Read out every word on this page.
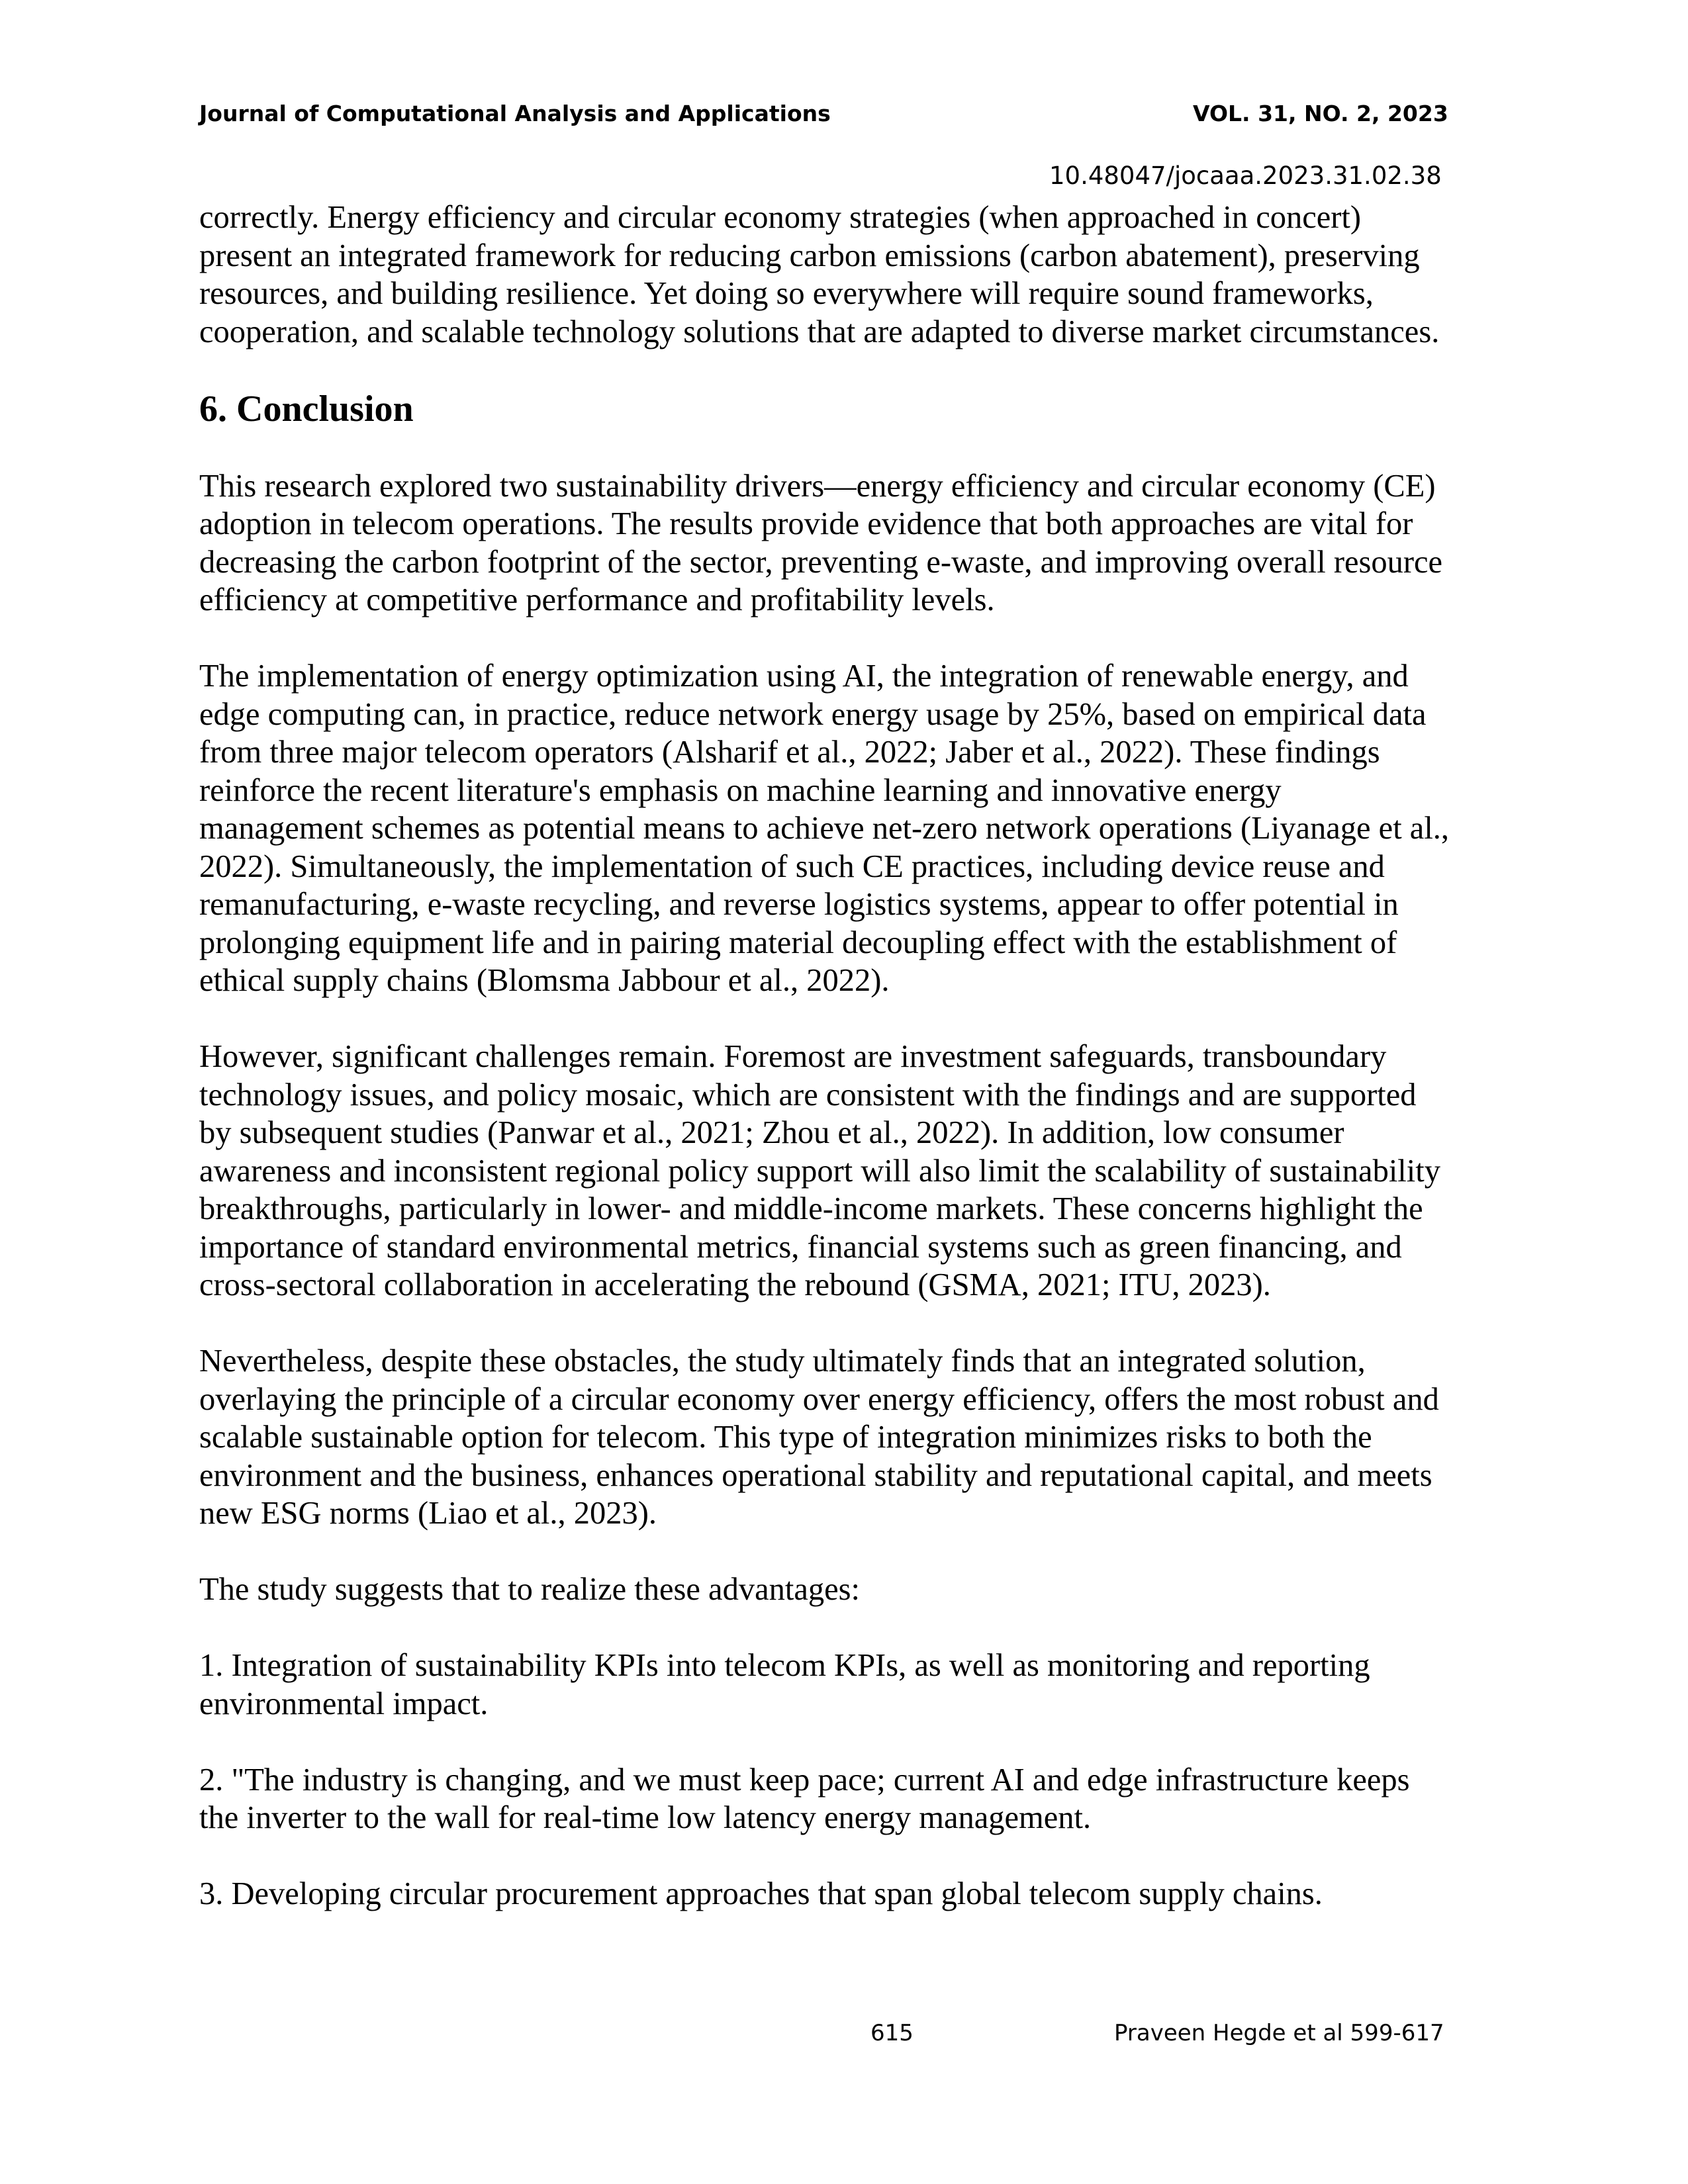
Journal of Computational Analysis and Applications	VOL. 31, NO. 2, 2023
10.48047/jocaaa.2023.31.02.38

correctly. Energy efficiency and circular economy strategies (when approached in concert)
present an integrated framework for reducing carbon emissions (carbon abatement), preserving
resources, and building resilience. Yet doing so everywhere will require sound frameworks,
cooperation, and scalable technology solutions that are adapted to diverse market circumstances.

6. Conclusion

This research explored two sustainability drivers—energy efficiency and circular economy (CE)
adoption in telecom operations. The results provide evidence that both approaches are vital for
decreasing the carbon footprint of the sector, preventing e-waste, and improving overall resource
efficiency at competitive performance and profitability levels.

The implementation of energy optimization using AI, the integration of renewable energy, and
edge computing can, in practice, reduce network energy usage by 25%, based on empirical data
from three major telecom operators (Alsharif et al., 2022; Jaber et al., 2022). These findings
reinforce the recent literature's emphasis on machine learning and innovative energy
management schemes as potential means to achieve net-zero network operations (Liyanage et al.,
2022). Simultaneously, the implementation of such CE practices, including device reuse and
remanufacturing, e-waste recycling, and reverse logistics systems, appear to offer potential in
prolonging equipment life and in pairing material decoupling effect with the establishment of
ethical supply chains (Blomsma Jabbour et al., 2022).

However, significant challenges remain. Foremost are investment safeguards, transboundary
technology issues, and policy mosaic, which are consistent with the findings and are supported
by subsequent studies (Panwar et al., 2021; Zhou et al., 2022). In addition, low consumer
awareness and inconsistent regional policy support will also limit the scalability of sustainability
breakthroughs, particularly in lower- and middle-income markets. These concerns highlight the
importance of standard environmental metrics, financial systems such as green financing, and
cross-sectoral collaboration in accelerating the rebound (GSMA, 2021; ITU, 2023).

Nevertheless, despite these obstacles, the study ultimately finds that an integrated solution,
overlaying the principle of a circular economy over energy efficiency, offers the most robust and
scalable sustainable option for telecom. This type of integration minimizes risks to both the
environment and the business, enhances operational stability and reputational capital, and meets
new ESG norms (Liao et al., 2023).

The study suggests that to realize these advantages:

1. Integration of sustainability KPIs into telecom KPIs, as well as monitoring and reporting
environmental impact.

2. "The industry is changing, and we must keep pace; current AI and edge infrastructure keeps
the inverter to the wall for real-time low latency energy management.

3. Developing circular procurement approaches that span global telecom supply chains.

615	Praveen Hegde et al 599-617
